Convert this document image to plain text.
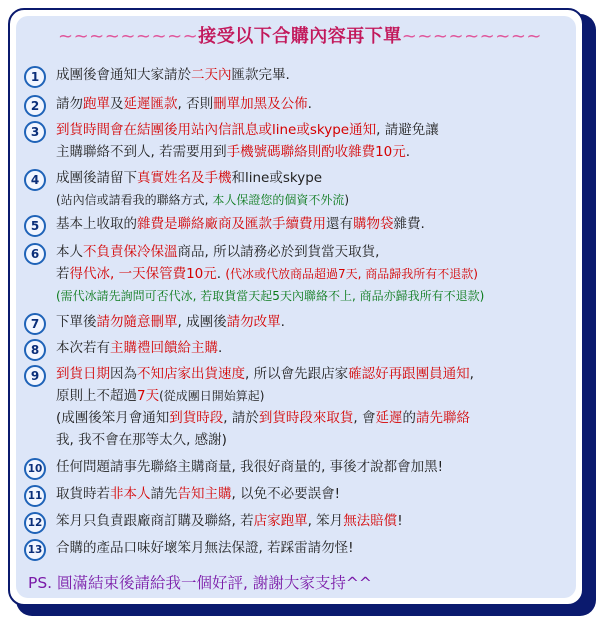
~~~~~~~~~接受以下合購內容再下單~~~~~~~~~
1	成團後會通知大家請於二天內匯款完畢.
2	請勿跑單及延遲匯款, 否則刪單加黑及公佈.
3	到貨時間會在結團後用站內信訊息或line或skype通知, 請避免讓
主購聯絡不到人, 若需要用到手機號碼聯絡則酌收雜費10元.
4	成團後請留下真實姓名及手機和line或skype
(站內信或請看我的聯絡方式, 本人保證您的個資不外流)
5	基本上收取的雜費是聯絡廠商及匯款手續費用還有購物袋雜費.
6	本人不負責保冷保溫商品, 所以請務必於到貨當天取貨,
若得代冰, 一天保管費10元. (代冰或代放商品超過7天, 商品歸我所有不退款)
(需代冰請先詢問可否代冰, 若取貨當天起5天內聯絡不上, 商品亦歸我所有不退款)
7	下單後請勿隨意刪單, 成團後請勿改單.
8	本次若有主購禮回饋給主購.
9	到貨日期因為不知店家出貨速度, 所以會先跟店家確認好再跟團員通知,
原則上不超過7天(從成團日開始算起)
(成團後笨月會通知到貨時段, 請於到貨時段來取貨, 會延遲的請先聯絡
我, 我不會在那等太久, 感謝)
10 任何問題請事先聯絡主購商量, 我很好商量的, 事後才說都會加黑!
11 取貨時若非本人請先告知主購, 以免不必要誤會!
12 笨月只負責跟廠商訂購及聯絡, 若店家跑單, 笨月無法賠償!
13 合購的產品口味好壞笨月無法保證, 若踩雷請勿怪!
PS. 圓滿結束後請給我一個好評, 謝謝大家支持^^
